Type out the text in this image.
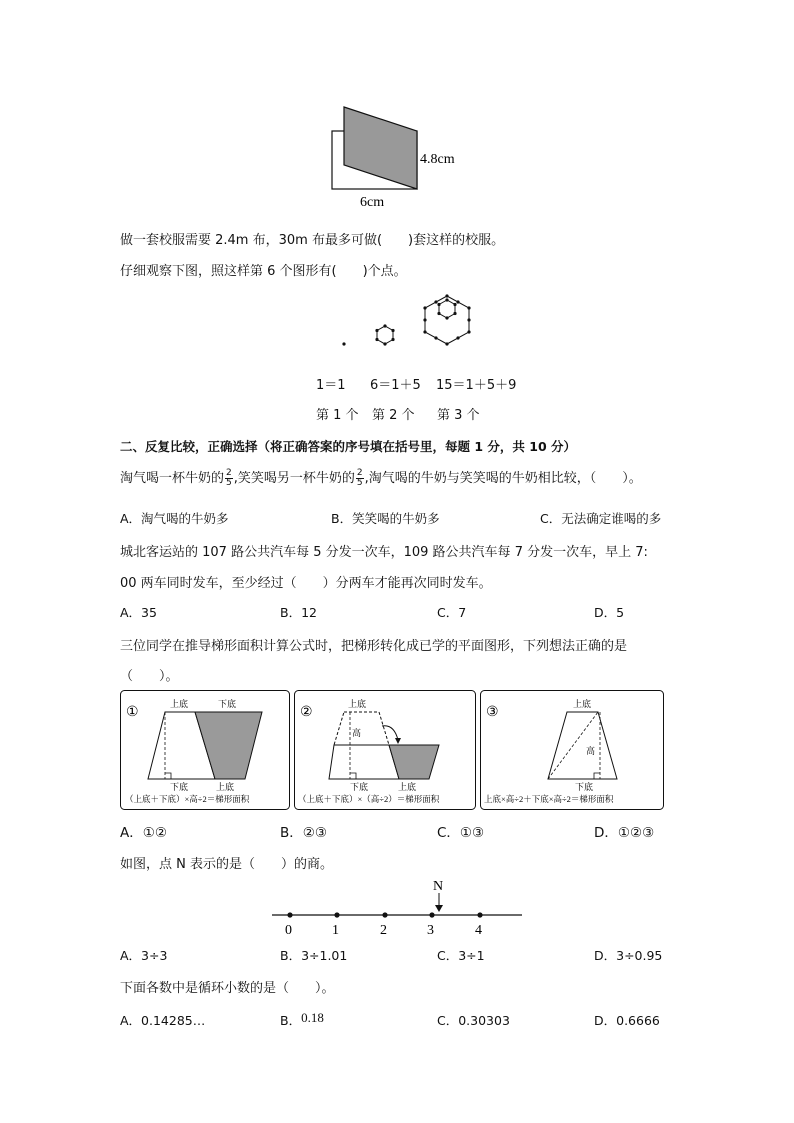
4.8cm
6cm
做一套校服需要 2.4m 布，30m 布最多可做(　　)套这样的校服。
仔细观察下图，照这样第 6 个图形有(　　)个点。
1＝1 6＝1＋5 15＝1＋5＋9
第 1 个 第 2 个 第 3 个
二、反复比较，正确选择（将正确答案的序号填在括号里，每题 1 分，共 10 分）
淘气喝一杯牛奶的 $\frac{2}{5}$ ,笑笑喝另一杯牛奶的 $\frac{2}{5}$ ,淘气喝的牛奶与笑笑喝的牛奶相比较，（　　）。
A．淘气喝的牛奶多	B．笑笑喝的牛奶多	C．无法确定谁喝的多
城北客运站的 107 路公共汽车每 5 分发一次车，109 路公共汽车每 7 分发一次车，早上 7:
00 两车同时发车，至少经过（　　）分两车才能再次同时发车。
A．35	B．12	C．7	D．5
三位同学在推导梯形面积计算公式时，把梯形转化成已学的平面图形，下列想法正确的是
（　　）。
①
上底	下底
下底	上底
（上底＋下底）×高÷2＝梯形面积
②
上底
高
下底	上底
（上底＋下底）×（高÷2）＝梯形面积
③
上底
高
下底
上底×高÷2＋下底×高÷2＝梯形面积
A．①②	B．②③	C．①③	D．①②③
如图，点 N 表示的是（　　）的商。
N
0	1	2	3	4
A．3÷3	B．3÷1.01	C．3÷1	D．3÷0.95
下面各数中是循环小数的是（　　）。
A．0.14285…	B．0.18	C．0.30303	D．0.6666
